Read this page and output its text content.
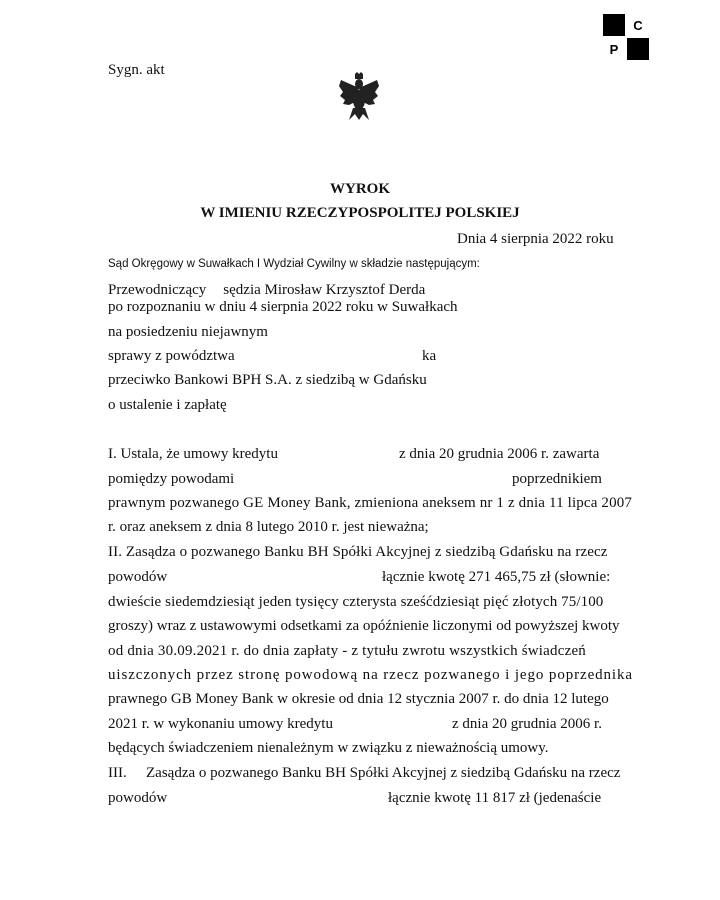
C
P
Sygn. akt
WYROK
W IMIENIU RZECZYPOSPOLITEJ POLSKIEJ
Dnia 4 sierpnia 2022 roku
Sąd Okręgowy w Suwałkach I Wydział Cywilny w składzie następującym:
Przewodniczący sędzia Mirosław Krzysztof Derda
po rozpoznaniu w dniu 4 sierpnia 2022 roku w Suwałkach
na posiedzeniu niejawnym
sprawy z powództwa	ka
przeciwko Bankowi BPH S.A. z siedzibą w Gdańsku
o ustalenie i zapłatę
I. Ustala, że umowy kredytu	z dnia 20 grudnia 2006 r. zawarta
pomiędzy powodami	poprzednikiem
prawnym pozwanego GE Money Bank, zmieniona aneksem nr 1 z dnia 11 lipca 2007
r. oraz aneksem z dnia 8 lutego 2010 r. jest nieważna;
II. Zasądza o pozwanego Banku BH Spółki Akcyjnej z siedzibą Gdańsku na rzecz
powodów	łącznie kwotę 271 465,75 zł (słownie:
dwieście siedemdziesiąt jeden tysięcy czterysta sześćdziesiąt pięć złotych 75/100
groszy) wraz z ustawowymi odsetkami za opóźnienie liczonymi od powyższej kwoty
od dnia 30.09.2021 r. do dnia zapłaty - z tytułu zwrotu wszystkich świadczeń
uiszczonych przez stronę powodową na rzecz pozwanego i jego poprzednika
prawnego GB Money Bank w okresie od dnia 12 stycznia 2007 r. do dnia 12 lutego
2021 r. w wykonaniu umowy kredytu	z dnia 20 grudnia 2006 r.
będących świadczeniem nienależnym w związku z nieważnością umowy.
III. Zasądza o pozwanego Banku BH Spółki Akcyjnej z siedzibą Gdańsku na rzecz
powodów	łącznie kwotę 11 817 zł (jedenaście
